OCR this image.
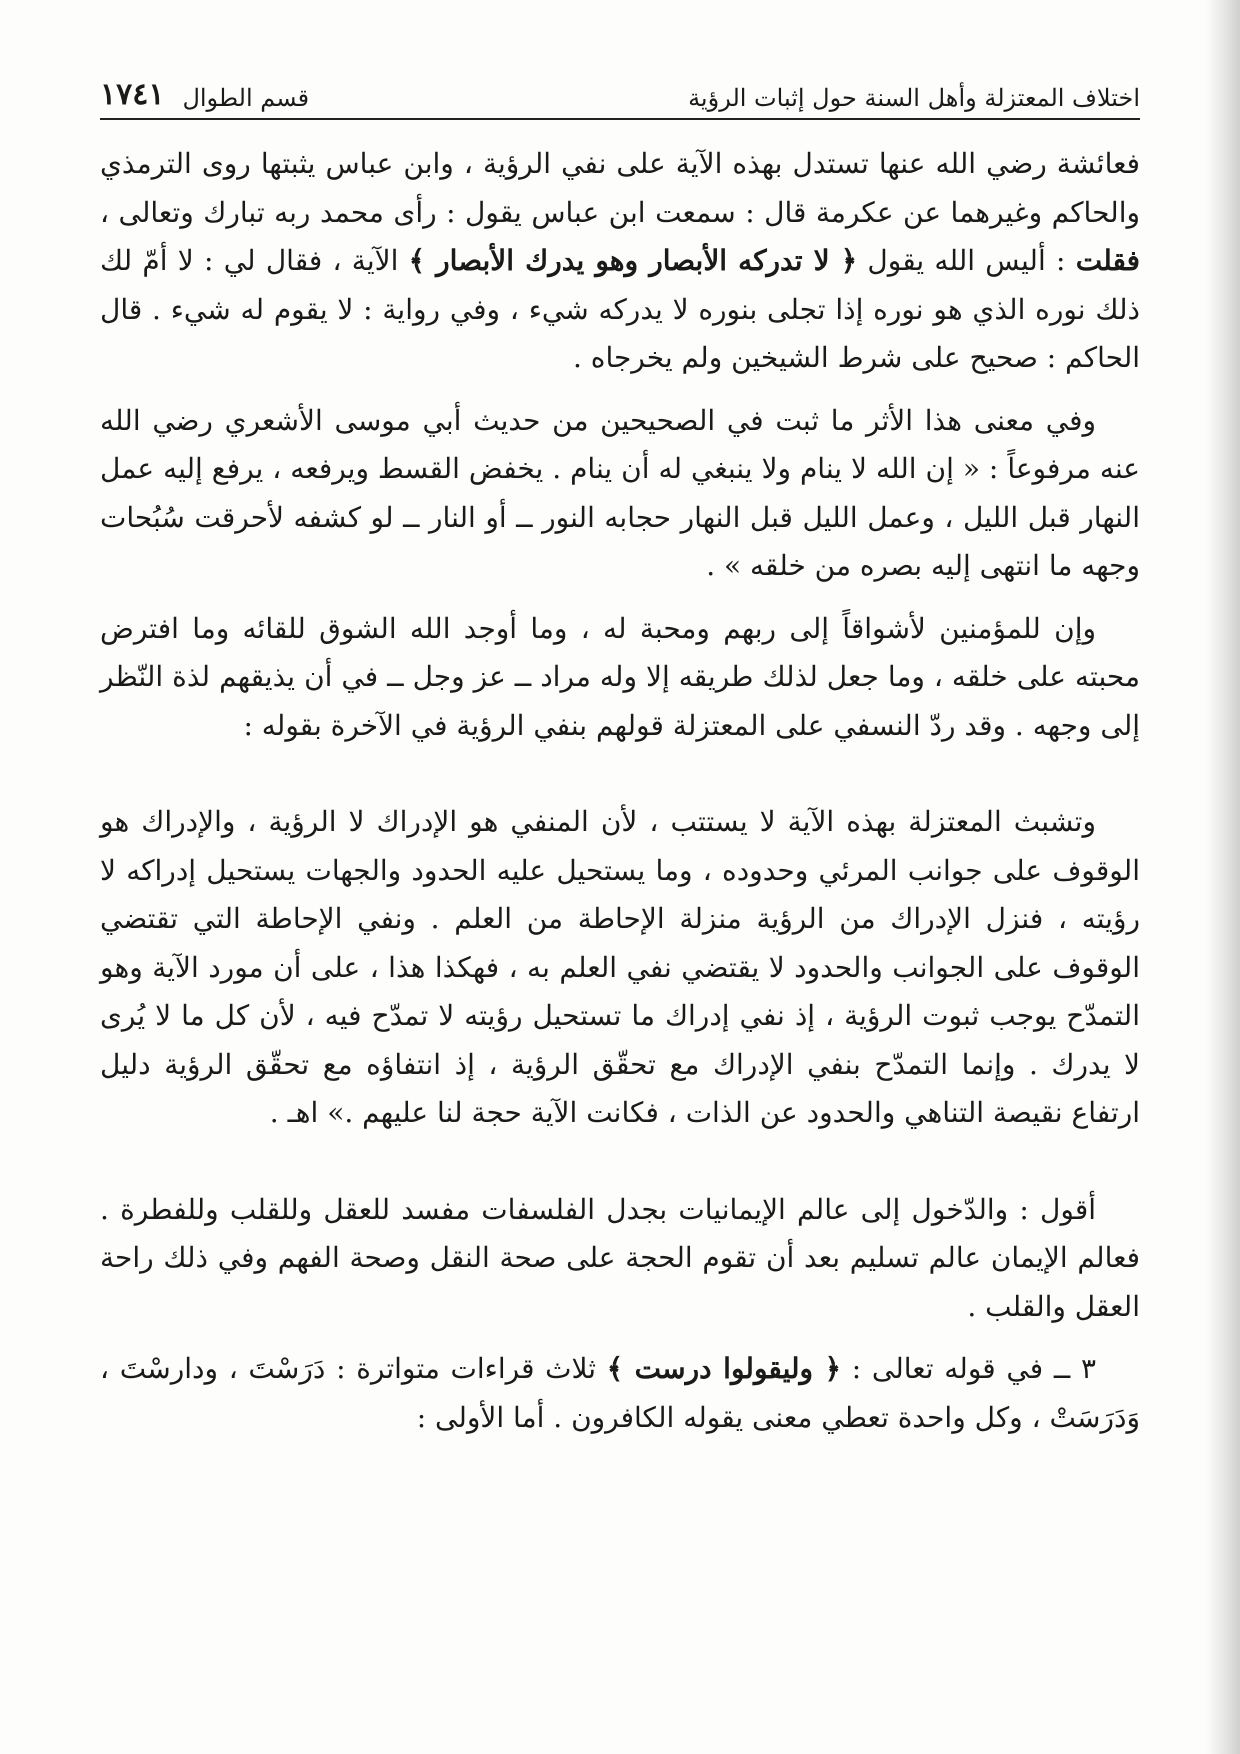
اختلاف المعتزلة وأهل السنة حول إثبات الرؤية
قسم الطوال
١٧٤١

فعائشة رضي الله عنها تستدل بهذه الآية على نفي الرؤية ، وابن عباس يثبتها روى الترمذي والحاكم وغيرهما عن عكرمة قال : سمعت ابن عباس يقول : رأى محمد ربه تبارك وتعالى ، فقلت : أليس الله يقول ﴿ لا تدركه الأبصار وهو يدرك الأبصار ﴾ الآية ، فقال لي : لا أمّ لك ذلك نوره الذي هو نوره إذا تجلى بنوره لا يدركه شيء ، وفي رواية : لا يقوم له شيء . قال الحاكم : صحيح على شرط الشيخين ولم يخرجاه .

وفي معنى هذا الأثر ما ثبت في الصحيحين من حديث أبي موسى الأشعري رضي الله عنه مرفوعاً : « إن الله لا ينام ولا ينبغي له أن ينام . يخفض القسط ويرفعه ، يرفع إليه عمل النهار قبل الليل ، وعمل الليل قبل النهار حجابه النور ــ أو النار ــ لو كشفه لأحرقت سُبُحات وجهه ما انتهى إليه بصره من خلقه » .

وإن للمؤمنين لأشواقاً إلى ربهم ومحبة له ، وما أوجد الله الشوق للقائه وما افترض محبته على خلقه ، وما جعل لذلك طريقه إلا وله مراد ــ عز وجل ــ في أن يذيقهم لذة النّظر إلى وجهه . وقد ردّ النسفي على المعتزلة قولهم بنفي الرؤية في الآخرة بقوله :

وتشبث المعتزلة بهذه الآية لا يستتب ، لأن المنفي هو الإدراك لا الرؤية ، والإدراك هو الوقوف على جوانب المرئي وحدوده ، وما يستحيل عليه الحدود والجهات يستحيل إدراكه لا رؤيته ، فنزل الإدراك من الرؤية منزلة الإحاطة من العلم . ونفي الإحاطة التي تقتضي الوقوف على الجوانب والحدود لا يقتضي نفي العلم به ، فهكذا هذا ، على أن مورد الآية وهو التمدّح يوجب ثبوت الرؤية ، إذ نفي إدراك ما تستحيل رؤيته لا تمدّح فيه ، لأن كل ما لا يُرى لا يدرك . وإنما التمدّح بنفي الإدراك مع تحقّق الرؤية ، إذ انتفاؤه مع تحقّق الرؤية دليل ارتفاع نقيصة التناهي والحدود عن الذات ، فكانت الآية حجة لنا عليهم .» اهـ .

أقول : والدّخول إلى عالم الإيمانيات بجدل الفلسفات مفسد للعقل وللقلب وللفطرة . فعالم الإيمان عالم تسليم بعد أن تقوم الحجة على صحة النقل وصحة الفهم وفي ذلك راحة العقل والقلب .

٣ ــ في قوله تعالى : ﴿ وليقولوا درست ﴾ ثلاث قراءات متواترة : دَرَسْتَ ، ودارسْتَ ، وَدَرَسَتْ ، وكل واحدة تعطي معنى يقوله الكافرون . أما الأولى :
